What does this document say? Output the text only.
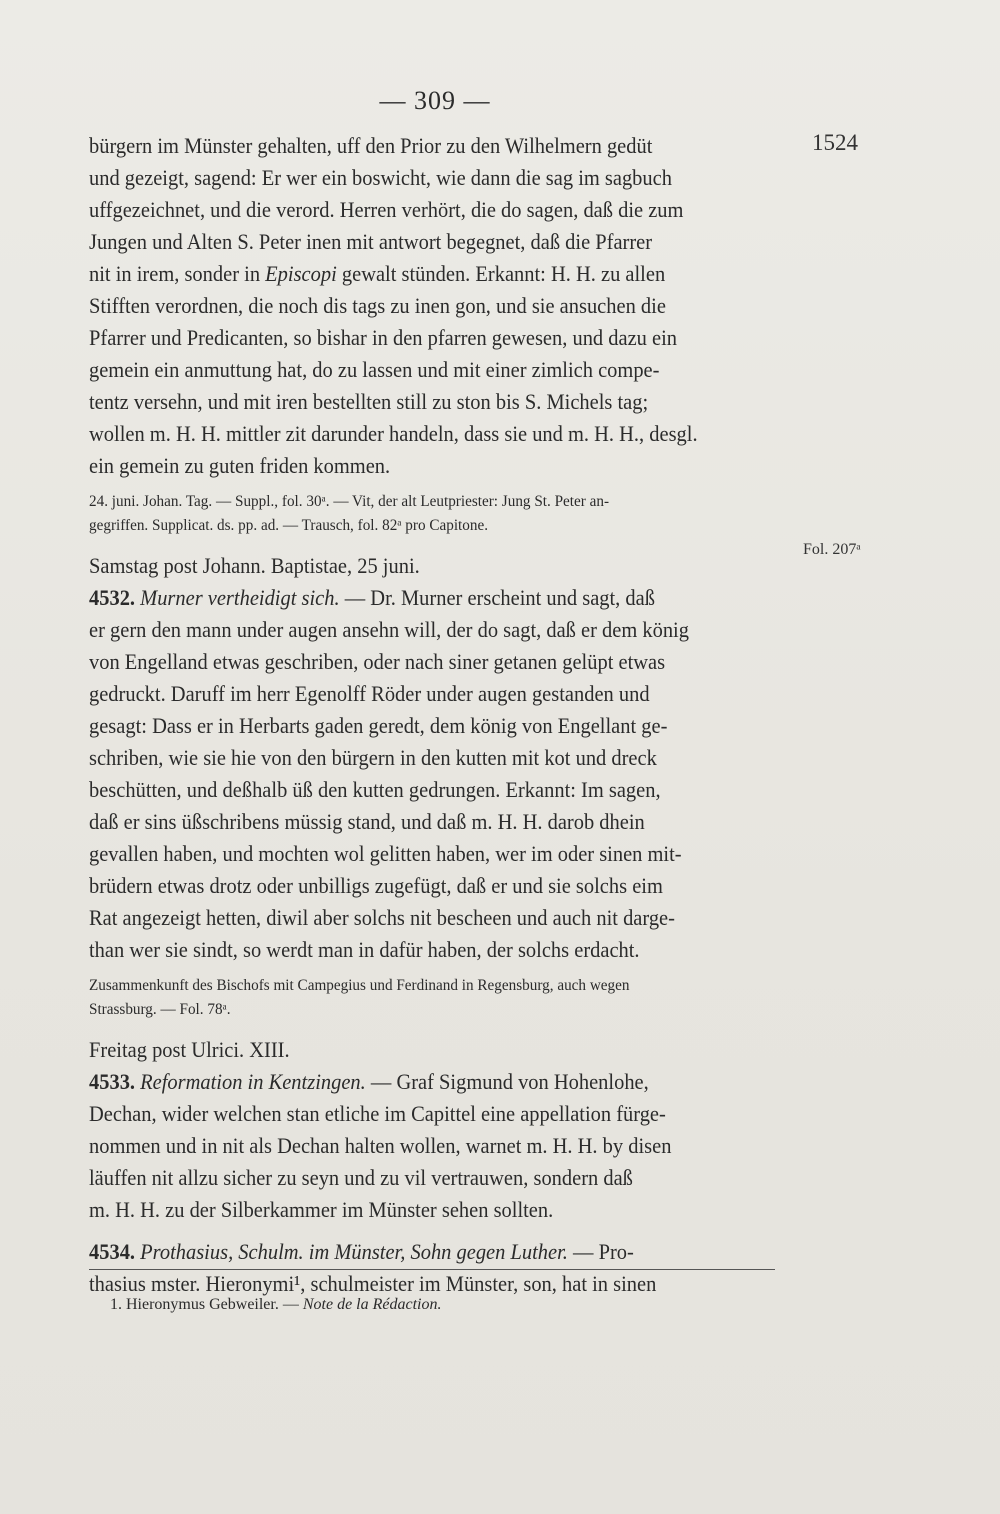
— 309 —
1524
Fol. 207ᵃ
bürgern im Münster gehalten, uff den Prior zu den Wilhelmern gedüt
und gezeigt, sagend: Er wer ein boswicht, wie dann die sag im sagbuch
uffgezeichnet, und die verord. Herren verhört, die do sagen, daß die zum
Jungen und Alten S. Peter inen mit antwort begegnet, daß die Pfarrer
nit in irem, sonder in Episcopi gewalt stünden. Erkannt: H. H. zu allen
Stifften verordnen, die noch dis tags zu inen gon, und sie ansuchen die
Pfarrer und Predicanten, so bishar in den pfarren gewesen, und dazu ein
gemein ein anmuttung hat, do zu lassen und mit einer zimlich compe-
tentz versehn, und mit iren bestellten still zu ston bis S. Michels tag;
wollen m. H. H. mittler zit darunder handeln, dass sie und m. H. H., desgl.
ein gemein zu guten friden kommen.
24. juni. Johan. Tag. — Suppl., fol. 30ᵃ. — Vit, der alt Leutpriester: Jung St. Peter an-
gegriffen. Supplicat. ds. pp. ad. — Trausch, fol. 82ᵃ pro Capitone.
Samstag post Johann. Baptistae, 25 juni.
4532. Murner vertheidigt sich. — Dr. Murner erscheint und sagt, daß
er gern den mann under augen ansehn will, der do sagt, daß er dem könig
von Engelland etwas geschriben, oder nach siner getanen gelüpt etwas
gedruckt. Daruff im herr Egenolff Röder under augen gestanden und
gesagt: Dass er in Herbarts gaden geredt, dem könig von Engellant ge-
schriben, wie sie hie von den bürgern in den kutten mit kot und dreck
beschütten, und deßhalb üß den kutten gedrungen. Erkannt: Im sagen,
daß er sins üßschribens müssig stand, und daß m. H. H. darob dhein
gevallen haben, und mochten wol gelitten haben, wer im oder sinen mit-
brüdern etwas drotz oder unbilligs zugefügt, daß er und sie solchs eim
Rat angezeigt hetten, diwil aber solchs nit bescheen und auch nit darge-
than wer sie sindt, so werdt man in dafür haben, der solchs erdacht.
Zusammenkunft des Bischofs mit Campegius und Ferdinand in Regensburg, auch wegen
Strassburg. — Fol. 78ᵃ.
Freitag post Ulrici. XIII.
4533. Reformation in Kentzingen. — Graf Sigmund von Hohenlohe,
Dechan, wider welchen stan etliche im Capittel eine appellation fürge-
nommen und in nit als Dechan halten wollen, warnet m. H. H. by disen
läuffen nit allzu sicher zu seyn und zu vil vertrauwen, sondern daß
m. H. H. zu der Silberkammer im Münster sehen sollten.
4534. Prothasius, Schulm. im Münster, Sohn gegen Luther. — Pro-
thasius mster. Hieronymi¹, schulmeister im Münster, son, hat in sinen
1. Hieronymus Gebweiler. — Note de la Rédaction.
